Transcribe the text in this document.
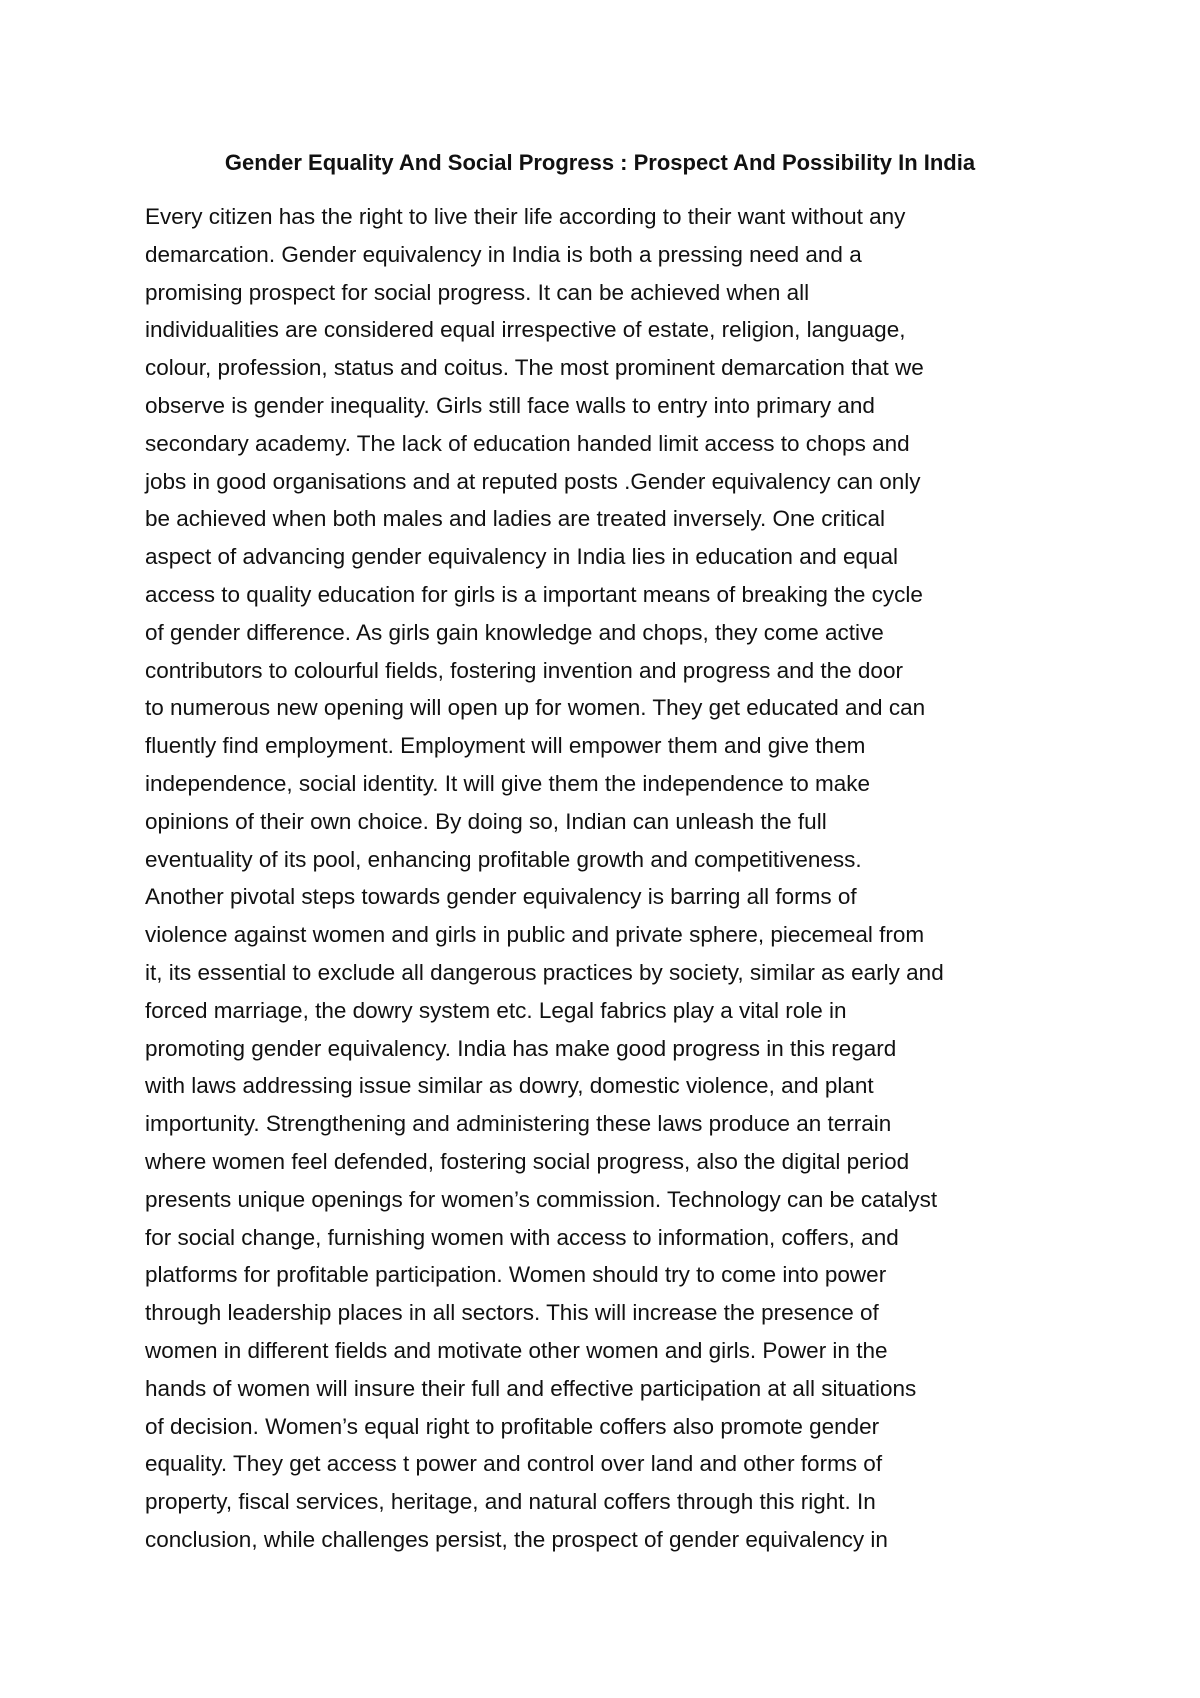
Gender Equality And Social Progress : Prospect And Possibility In India
Every citizen has the right to live their life according to their want without any
demarcation. Gender equivalency in India is both a pressing need and a
promising prospect for social progress. It can be achieved when all
individualities are considered equal irrespective of estate, religion, language,
colour, profession, status and coitus. The most prominent demarcation that we
observe is gender inequality. Girls still face walls to entry into primary and
secondary academy. The lack of education handed limit access to chops and
jobs in good organisations and at reputed posts .Gender equivalency can only
be achieved when both males and ladies are treated inversely. One critical
aspect of advancing gender equivalency in India lies in education and equal
access to quality education for girls is a important means of breaking the cycle
of gender difference. As girls gain knowledge and chops, they come active
contributors to colourful fields, fostering invention and progress and the door
to numerous new opening will open up for women. They get educated and can
fluently find employment. Employment will empower them and give them
independence, social identity. It will give them the independence to make
opinions of their own choice. By doing so, Indian can unleash the full
eventuality of its pool, enhancing profitable growth and competitiveness.
Another pivotal steps towards gender equivalency is barring all forms of
violence against women and girls in public and private sphere, piecemeal from
it, its essential to exclude all dangerous practices by society, similar as early and
forced marriage, the dowry system etc. Legal fabrics play a vital role in
promoting gender equivalency. India has make good progress in this regard
with laws addressing issue similar as dowry, domestic violence, and plant
importunity. Strengthening and administering these laws produce an terrain
where women feel defended, fostering social progress, also the digital period
presents unique openings for women’s commission. Technology can be catalyst
for social change, furnishing women with access to information, coffers, and
platforms for profitable participation. Women should try to come into power
through leadership places in all sectors. This will increase the presence of
women in different fields and motivate other women and girls. Power in the
hands of women will insure their full and effective participation at all situations
of decision. Women’s equal right to profitable coffers also promote gender
equality. They get access t power and control over land and other forms of
property, fiscal services, heritage, and natural coffers through this right. In
conclusion, while challenges persist, the prospect of gender equivalency in
